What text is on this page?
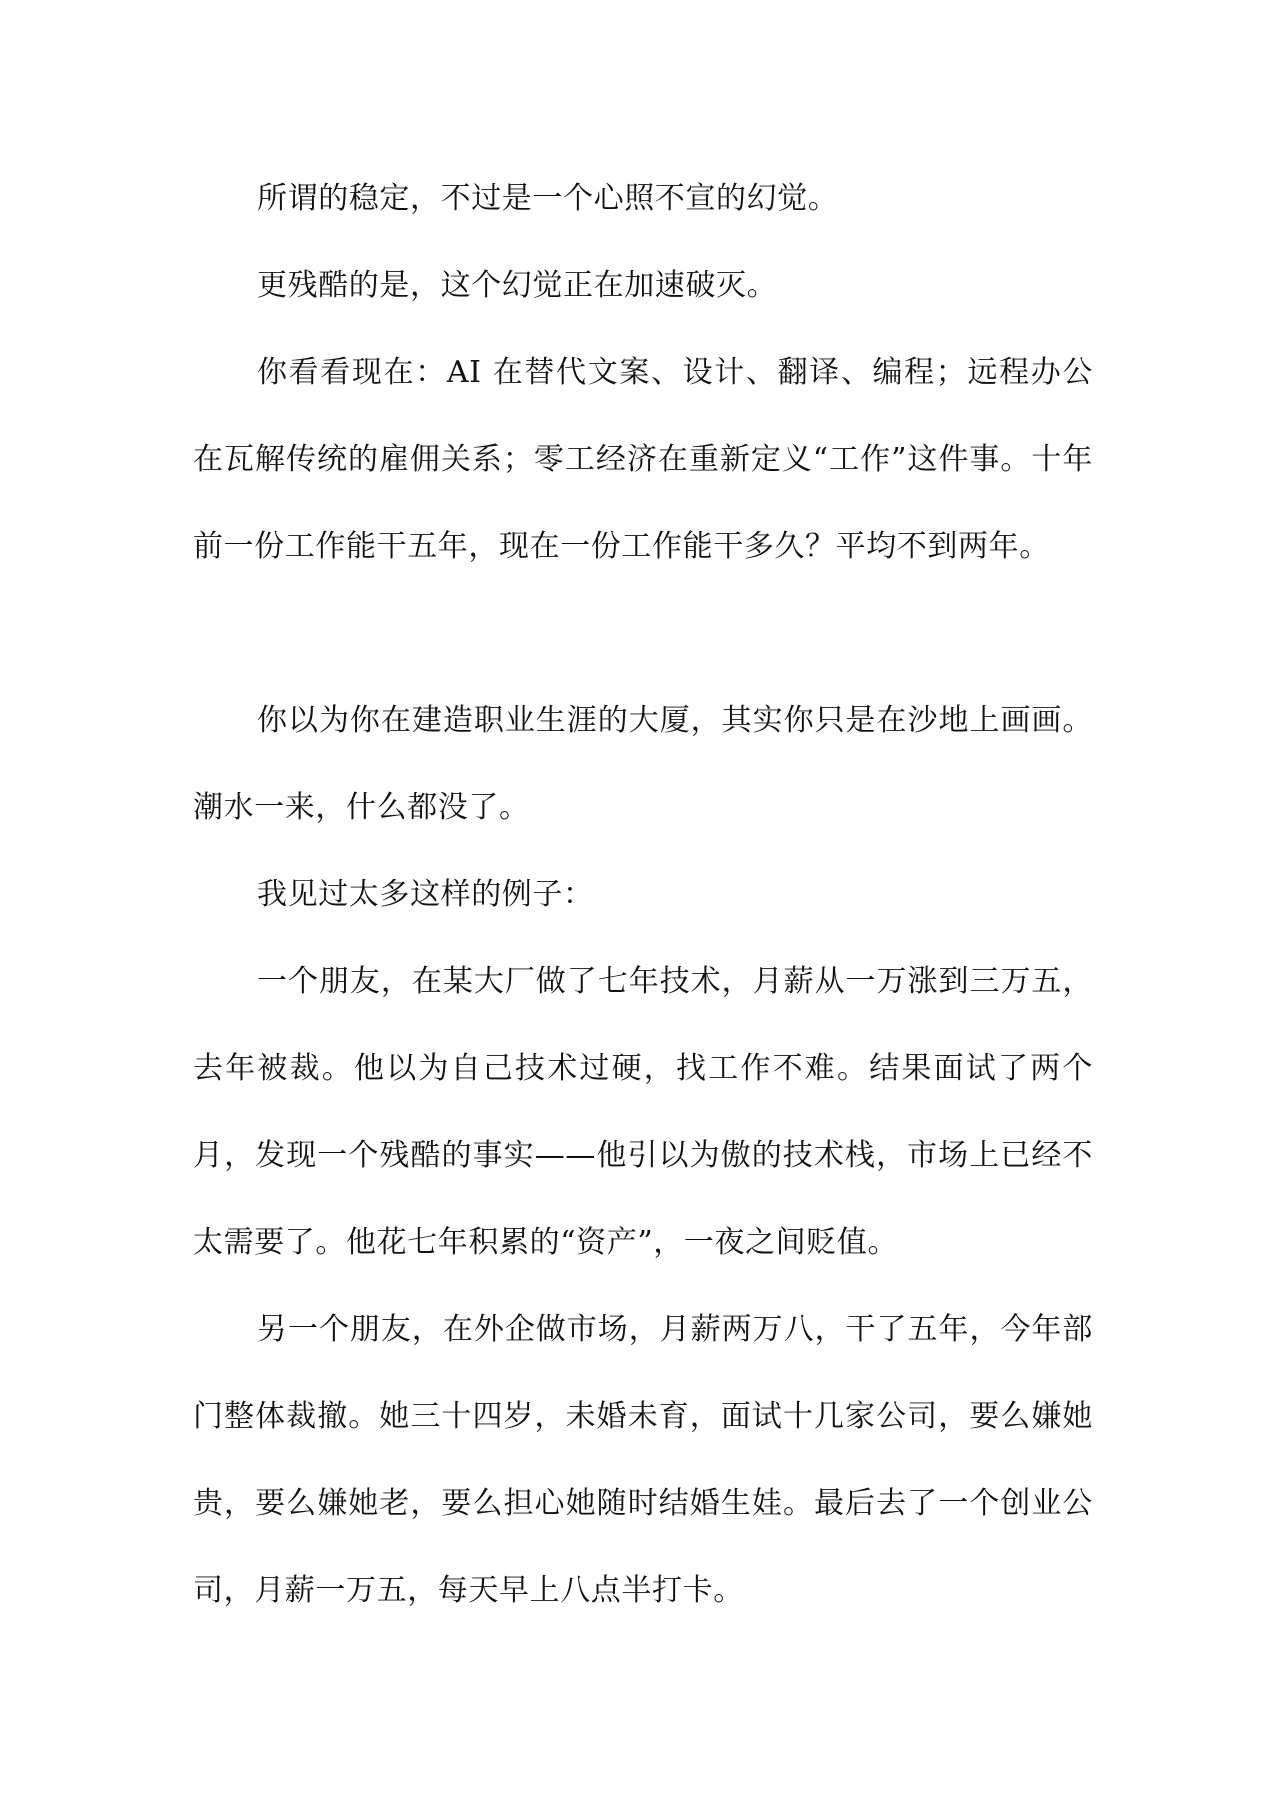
所谓的稳定，不过是一个心照不宣的幻觉。

更残酷的是，这个幻觉正在加速破灭。

你看看现在：AI 在替代文案、设计、翻译、编程；远程办公在瓦解传统的雇佣关系；零工经济在重新定义“工作”这件事。十年前一份工作能干五年，现在一份工作能干多久？平均不到两年。

你以为你在建造职业生涯的大厦，其实你只是在沙地上画画。潮水一来，什么都没了。

我见过太多这样的例子：

一个朋友，在某大厂做了七年技术，月薪从一万涨到三万五，去年被裁。他以为自己技术过硬，找工作不难。结果面试了两个月，发现一个残酷的事实——他引以为傲的技术栈，市场上已经不太需要了。他花七年积累的“资产”，一夜之间贬值。

另一个朋友，在外企做市场，月薪两万八，干了五年，今年部门整体裁撤。她三十四岁，未婚未育，面试十几家公司，要么嫌她贵，要么嫌她老，要么担心她随时结婚生娃。最后去了一个创业公司，月薪一万五，每天早上八点半打卡。
